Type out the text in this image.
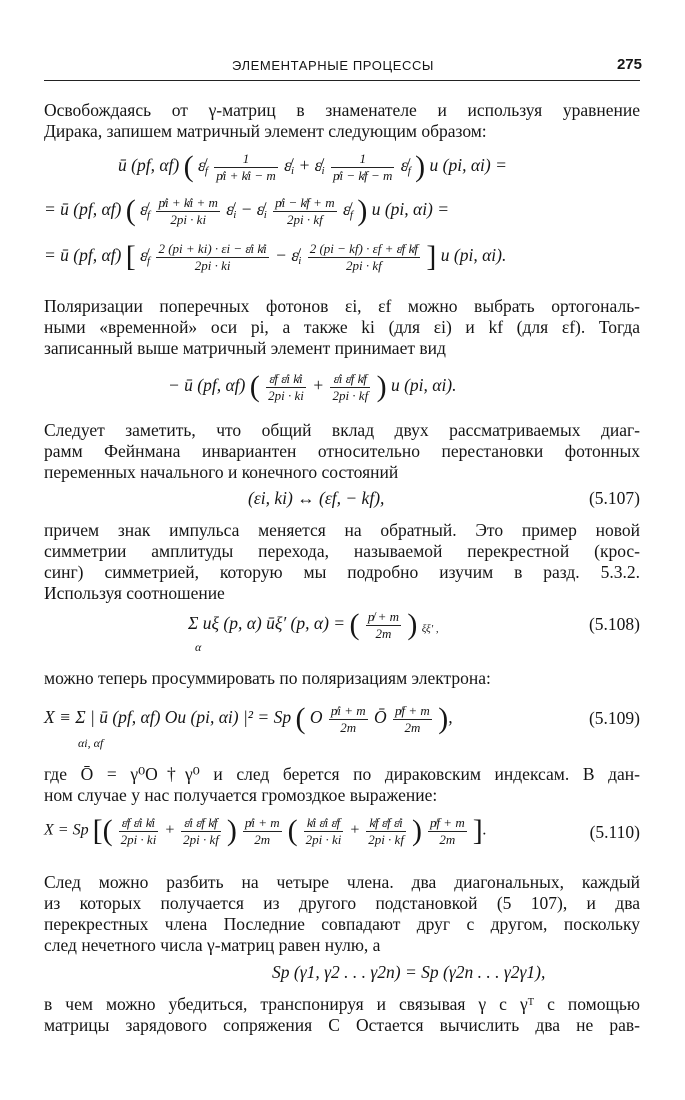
ЭЛЕМЕНТАРНЫЕ ПРОЦЕССЫ	275
Освобождаясь от γ-матриц в знаменателе и используя уравнение
Дирака, запишем матричный элемент следующим образом:
ū (pf, αf) ( $\varepsilon̸_f \frac{1}{p̸i + k̸i - m}$ $\varepsilon̸_i$ + $\varepsilon̸_i \frac{1}{p̸i - k̸f - m}$ $\varepsilon̸_f$ ) u (pi, αi) =
= ū (pf, αf) ( $\varepsilon̸_f \frac{p̸i + k̸i + m}{2pi \cdot ki}$ $\varepsilon̸_i$ − $\varepsilon̸_i \frac{p̸i - k̸f + m}{2pi \cdot kf}$ $\varepsilon̸_f$ ) u (pi, αi) =
= ū (pf, αf) [ $\varepsilon̸_f \frac{\text{2 (pi + ki) · εi − ε̸i k̸i}}{2pi \cdot ki}$ − $\varepsilon̸_i \frac{\text{2 (pi − kf) · εf + ε̸f k̸f}}{2pi \cdot kf}$ ] u (pi, αi).
Поляризации поперечных фотонов εi, εf можно выбрать ортогональ-
ными «временной» оси pi, а также ki (для εi) и kf (для εf). Тогда
записанный выше матричный элемент принимает вид
− ū (pf, αf) ( $\frac{\text{ε̸f ε̸i k̸i}}{2pi \cdot ki} + \frac{\text{ε̸i ε̸f k̸f}}{2pi \cdot kf}$ ) u (pi, αi).
Следует заметить, что общий вклад двух рассматриваемых диаг-
рамм Фейнмана инвариантен относительно перестановки фотонных
переменных начального и конечного состояний
(εi, ki) ↔ (εf, − kf),	(5.107)
причем знак импульса меняется на обратный. Это пример новой
симметрии амплитуды перехода, называемой перекрестной (крос-
синг) симметрией, которую мы подробно изучим в разд. 5.3.2.
Используя соотношение
Σ uξ (p, α) ūξ′ (p, α) = ( $\frac{p̸ + m}{2m}$ ) $_{\xi\xi' ,}$
α
(5.108)
можно теперь просуммировать по поляризациям электрона:
X ≡ Σ | ū (pf, αf) Ou (pi, αi) |² = Sp ( O $\frac{p̸i + m}{2m}$ Ō $\frac{p̸f + m}{2m}$ ),
αi, αf
(5.109)
где Ō = γ⁰O†γ⁰ и след берется по дираковским индексам. В дан-
ном случае у нас получается громоздкое выражение:
X = Sp [( $\frac{\text{ε̸f ε̸i k̸i}}{2pi \cdot ki} + \frac{\text{ε̸i ε̸f k̸f}}{2pi \cdot kf}$ ) $\frac{p̸i + m}{2m}$ ( $\frac{\text{k̸i ε̸i ε̸f}}{2pi \cdot ki} + \frac{\text{k̸f ε̸f ε̸i}}{2pi \cdot kf}$ ) $\frac{p̸f + m}{2m}$ ].	(5.110)
След можно разбить на четыре члена. два диагональных, каждый
из которых получается из другого подстановкой (5 107), и два
перекрестных члена Последние совпадают друг с другом, поскольку
след нечетного числа γ-матриц равен нулю, а
Sp (γ1, γ2 . . . γ2n) = Sp (γ2n . . . γ2γ1),
в чем можно убедиться, транспонируя и связывая γ с γᵀ с помощью
матрицы зарядового сопряжения C Остается вычислить два не рав-
